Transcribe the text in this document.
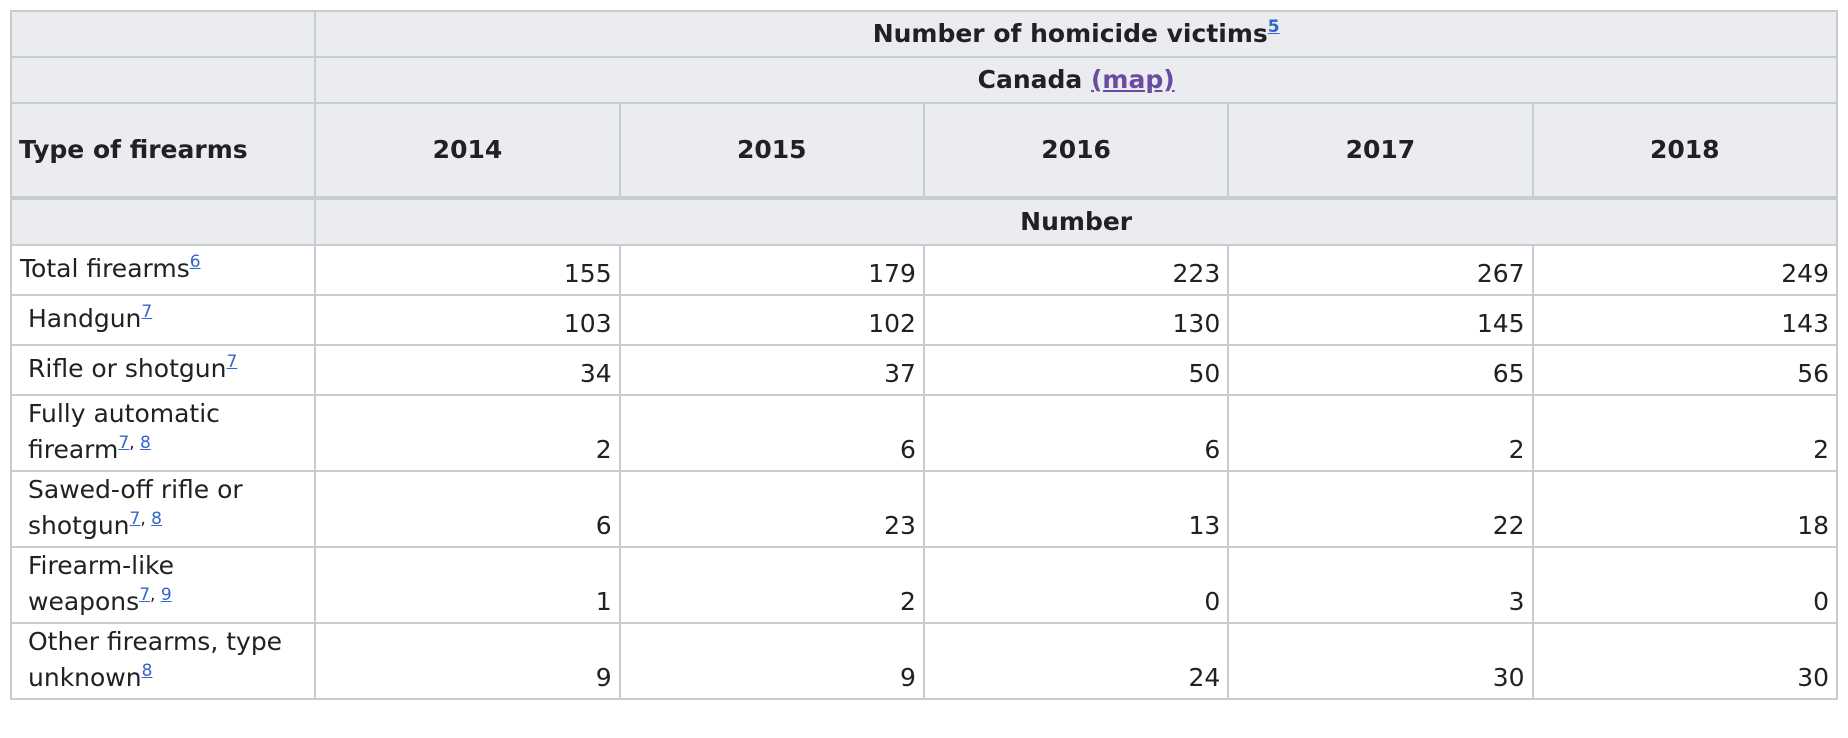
	Number of homicide victims$^5$
	Canada (map)				
Type of firearms	2014	2015	2016	2017	2018
	Number				
Total firearms$^6$	155	179	223	267	249
Handgun$^7$	103	102	130	145	143
Rifle or shotgun$^7$	34	37	50	65	56
Fully automatic firearm$^{7, 8}$	2	6	6	2	2
Sawed-off rifle or shotgun$^{7, 8}$	6	23	13	22	18
Firearm-like weapons$^{7, 9}$	1	2	0	3	0
Other firearms, type unknown$^8$	9	9	24	30	30
